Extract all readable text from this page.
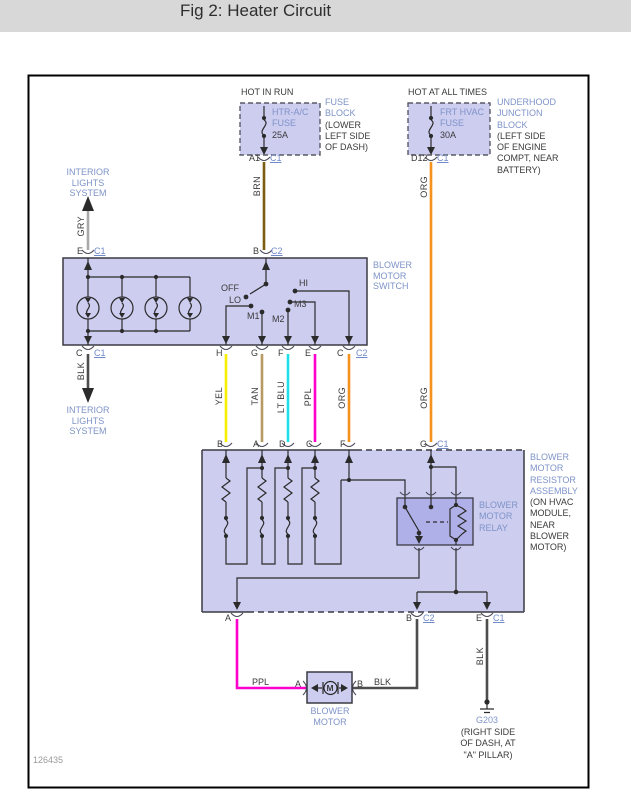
Fig 2: Heater Circuit
HOT IN RUN
HTR-A/C
FUSE
25A
FUSE
BLOCK
(LOWER
LEFT SIDE
OF DASH)
A1 C1
HOT AT ALL TIMES
FRT HVAC
FUSE
30A
UNDERHOOD
JUNCTION
BLOCK
(LEFT SIDE
OF ENGINE
COMPT, NEAR
BATTERY)
D12 C1
INTERIOR
LIGHTS
SYSTEM
GRY
E C1
BRN	ORG
B C2
BLOWER
MOTOR
SWITCH
OFF
LO
M1 M2
M3
HI
C C1	H	G F E	C C2
BLK
INTERIOR
LIGHTS
SYSTEM
YEL	TAN LT BLU PPL	ORG	ORG
B	A D C	F	G C1
BLOWER
MOTOR
RESISTOR
ASSEMBLY
(ON HVAC
MODULE,
NEAR
BLOWER
MOTOR)
BLOWER
MOTOR
RELAY
A	B C2	E C1
PPL	A	M	B BLK
BLOWER
MOTOR
BLK
G203
(RIGHT SIDE
OF DASH, AT
"A" PILLAR)
126435
